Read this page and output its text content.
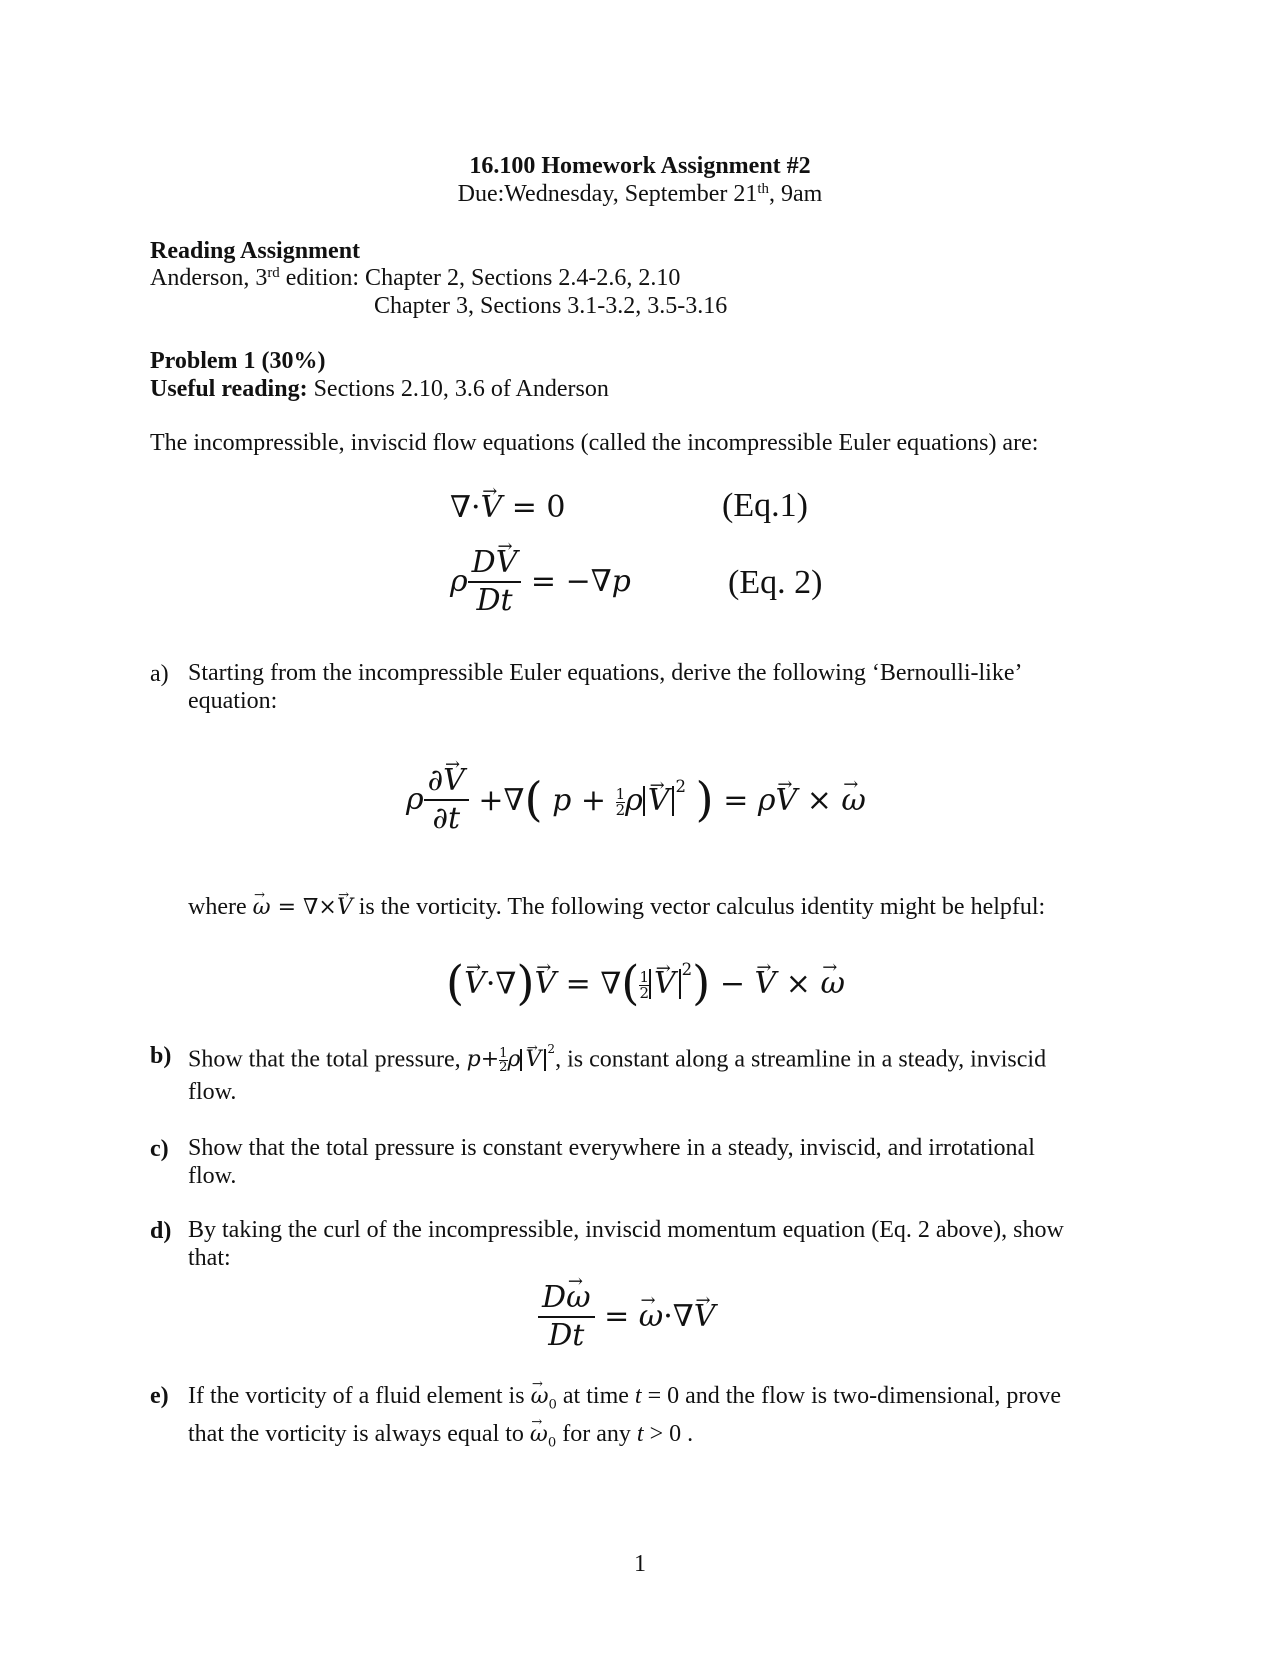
16.100 Homework Assignment #2
Due:Wednesday, September 21th, 9am
Reading Assignment
Anderson, 3rd edition: Chapter 2, Sections 2.4-2.6, 2.10
Chapter 3, Sections 3.1-3.2, 3.5-3.16
Problem 1 (30%)
Useful reading: Sections 2.10, 3.6 of Anderson
The incompressible, inviscid flow equations (called the incompressible Euler equations) are:
∇·→ V = 0	(Eq.1)
ρ $\frac{D\to V}{Dt} = -\nabla p$	(Eq. 2)
a) Starting from the incompressible Euler equations, derive the following ‘Bernoulli-like’ equation:
ρ $\frac{\partial\to V}{\partial t}$ +∇( $p + \frac{1}{2} \rho\to V$ $^2$ ) = ρ→ V × → ω
where → ω = ∇×→ V is the vorticity. The following vector calculus identity might be helpful:
(→ V·∇)→ V = ∇( $\frac{1}{2}$
→ V $^2$) − → V × → ω
b) Show that the total pressure, $p+ \frac{1}{2} \rho\to V$ $^2$, is constant along a streamline in a steady, inviscid
flow.
c) Show that the total pressure is constant everywhere in a steady, inviscid, and irrotational flow.
d) By taking the curl of the incompressible, inviscid momentum equation (Eq. 2 above), show that:
$\frac{D\to \omega}{Dt}$ = → ω·∇→ V
e) If the vorticity of a fluid element is → $\omega_0$ at time t = 0 and the flow is two-dimensional, prove
that the vorticity is always equal to → $\omega_0$ for any t > 0 .
1
